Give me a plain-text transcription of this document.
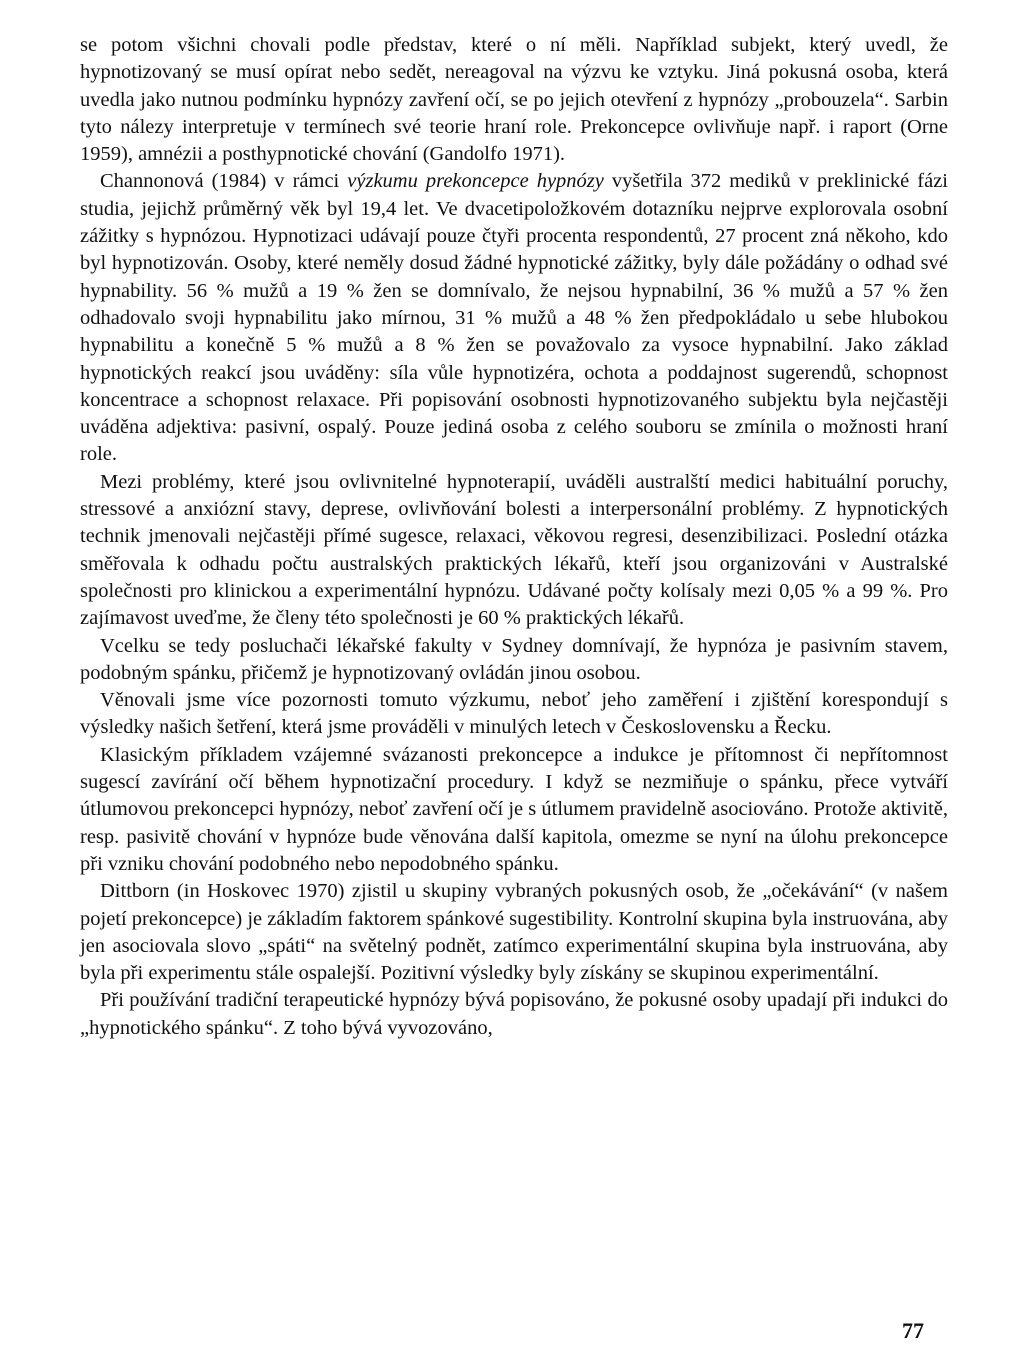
se potom všichni chovali podle představ, které o ní měli. Například subjekt, který uvedl, že hypnotizovaný se musí opírat nebo sedět, nereagoval na výzvu ke vztyku. Jiná pokusná osoba, která uvedla jako nutnou podmínku hypnózy zavření očí, se po jejich otevření z hypnózy „probouzela“. Sarbin tyto nálezy interpretuje v termínech své teorie hraní role. Prekoncepce ovlivňuje např. i raport (Orne 1959), amnézii a posthypnotické chování (Gandolfo 1971).

Channonová (1984) v rámci výzkumu prekoncepce hypnózy vyšetřila 372 mediků v preklinické fázi studia, jejichž průměrný věk byl 19,4 let. Ve dvacetipoložkovém dotazníku nejprve explorovala osobní zážitky s hypnózou. Hypnotizaci udávají pouze čtyři procenta respondentů, 27 procent zná někoho, kdo byl hypnotizován. Osoby, které neměly dosud žádné hypnotické zážitky, byly dále požádány o odhad své hypnability. 56 % mužů a 19 % žen se domnívalo, že nejsou hypnabilní, 36 % mužů a 57 % žen odhadovalo svoji hypnabilitu jako mírnou, 31 % mužů a 48 % žen předpokládalo u sebe hlubokou hypnabilitu a konečně 5 % mužů a 8 % žen se považovalo za vysoce hypnabilní. Jako základ hypnotických reakcí jsou uváděny: síla vůle hypnotizéra, ochota a poddajnost sugerendů, schopnost koncentrace a schopnost relaxace. Při popisování osobnosti hypnotizovaného subjektu byla nejčastěji uváděna adjektiva: pasivní, ospalý. Pouze jediná osoba z celého souboru se zmínila o možnosti hraní role.

Mezi problémy, které jsou ovlivnitelné hypnoterapií, uváděli australští medici habituální poruchy, stressové a anxiózní stavy, deprese, ovlivňování bolesti a interpersonální problémy. Z hypnotických technik jmenovali nejčastěji přímé sugesce, relaxaci, věkovou regresi, desenzibilizaci. Poslední otázka směřovala k odhadu počtu australských praktických lékařů, kteří jsou organizováni v Australské společnosti pro klinickou a experimentální hypnózu. Udávané počty kolísaly mezi 0,05 % a 99 %. Pro zajímavost uveďme, že členy této společnosti je 60 % praktických lékařů.

Vcelku se tedy posluchači lékařské fakulty v Sydney domnívají, že hypnóza je pasivním stavem, podobným spánku, přičemž je hypnotizovaný ovládán jinou osobou.

Věnovali jsme více pozornosti tomuto výzkumu, neboť jeho zaměření i zjištění korespondují s výsledky našich šetření, která jsme prováděli v minulých letech v Československu a Řecku.

Klasickým příkladem vzájemné svázanosti prekoncepce a indukce je přítomnost či nepřítomnost sugescí zavírání očí během hypnotizační procedury. I když se nezmiňuje o spánku, přece vytváří útlumovou prekoncepci hypnózy, neboť zavření očí je s útlumem pravidelně asociováno. Protože aktivitě, resp. pasivitě chování v hypnóze bude věnována další kapitola, omezme se nyní na úlohu prekoncepce při vzniku chování podobného nebo nepodobného spánku.

Dittborn (in Hoskovec 1970) zjistil u skupiny vybraných pokusných osob, že „očekávání“ (v našem pojetí prekoncepce) je základím faktorem spánkové sugestibility. Kontrolní skupina byla instruována, aby jen asociovala slovo „spáti“ na světelný podnět, zatímco experimentální skupina byla instruována, aby byla při experimentu stále ospalejší. Pozitivní výsledky byly získány se skupinou experimentální.

Při používání tradiční terapeutické hypnózy bývá popisováno, že pokusné osoby upadají při indukci do „hypnotického spánku“. Z toho bývá vyvozováno,

77
